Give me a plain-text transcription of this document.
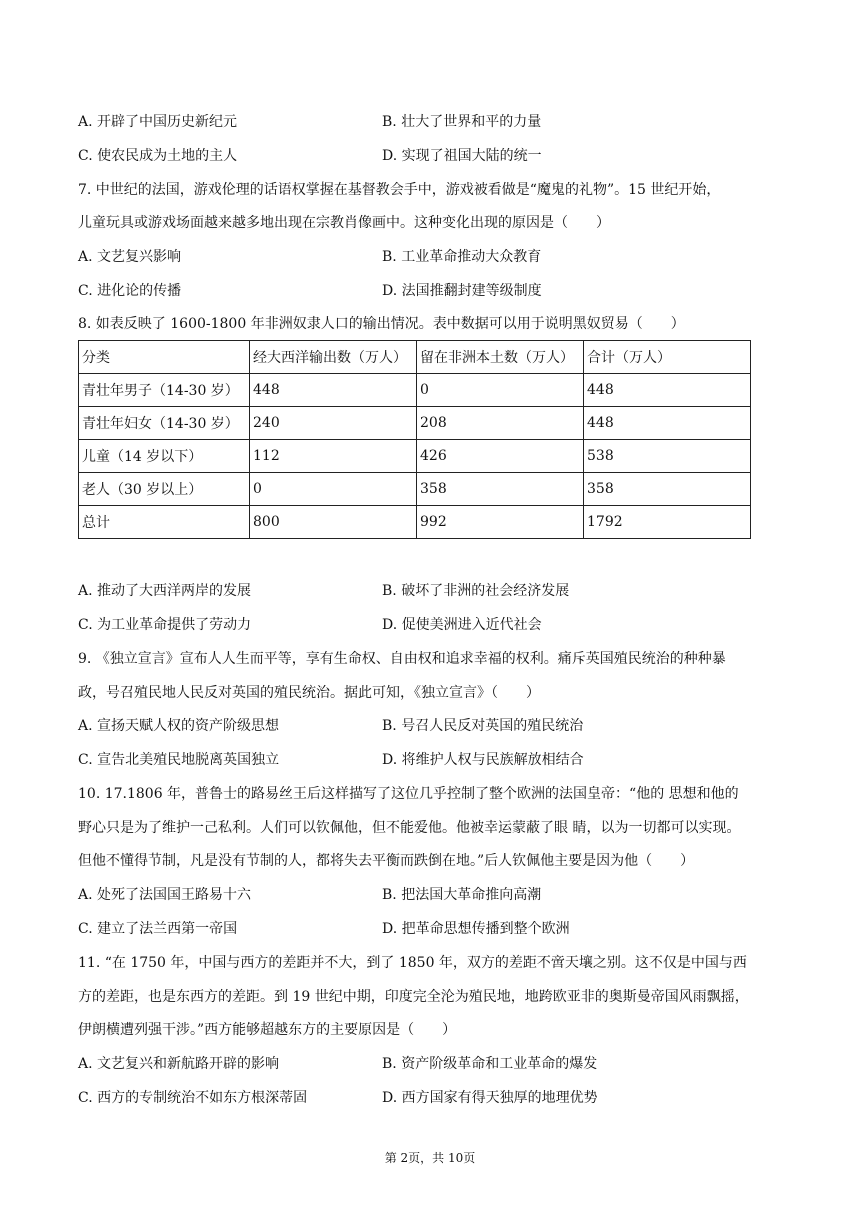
A. 开辟了中国历史新纪元	B. 壮大了世界和平的力量
C. 使农民成为土地的主人	D. 实现了祖国大陆的统一
7. 中世纪的法国，游戏伦理的话语权掌握在基督教会手中，游戏被看做是“魔鬼的礼物”。15 世纪开始，
儿童玩具或游戏场面越来越多地出现在宗教肖像画中。这种变化出现的原因是（　　）
A. 文艺复兴影响	B. 工业革命推动大众教育
C. 进化论的传播	D. 法国推翻封建等级制度
8. 如表反映了 1600-1800 年非洲奴隶人口的输出情况。表中数据可以用于说明黑奴贸易（　　）
分类	经大西洋输出数（万人）	留在非洲本土数（万人）	合计（万人）
青壮年男子（14-30 岁）	448	0	448
青壮年妇女（14-30 岁）	240	208	448
儿童（14 岁以下）	112	426	538
老人（30 岁以上）	0	358	358
总计	800	992	1792
A. 推动了大西洋两岸的发展	B. 破坏了非洲的社会经济发展
C. 为工业革命提供了劳动力	D. 促使美洲进入近代社会
9. 《独立宣言》宣布人人生而平等，享有生命权、自由权和追求幸福的权利。痛斥英国殖民统治的种种暴
政，号召殖民地人民反对英国的殖民统治。据此可知，《独立宣言》（　　）
A. 宣扬天赋人权的资产阶级思想	B. 号召人民反对英国的殖民统治
C. 宣告北美殖民地脱离英国独立	D. 将维护人权与民族解放相结合
10. 17.1806 年，普鲁士的路易丝王后这样描写了这位几乎控制了整个欧洲的法国皇帝：“他的 思想和他的
野心只是为了维护一己私利。人们可以钦佩他，但不能爱他。他被幸运蒙蔽了眼 睛，以为一切都可以实现。
但他不懂得节制，凡是没有节制的人，都将失去平衡而跌倒在地。”后人钦佩他主要是因为他（　　）
A. 处死了法国国王路易十六	B. 把法国大革命推向高潮
C. 建立了法兰西第一帝国	D. 把革命思想传播到整个欧洲
11. “在 1750 年，中国与西方的差距并不大，到了 1850 年，双方的差距不啻天壤之别。这不仅是中国与西
方的差距，也是东西方的差距。到 19 世纪中期，印度完全沦为殖民地，地跨欧亚非的奥斯曼帝国风雨飘摇，
伊朗横遭列强干涉。”西方能够超越东方的主要原因是（　　）
A. 文艺复兴和新航路开辟的影响	B. 资产阶级革命和工业革命的爆发
C. 西方的专制统治不如东方根深蒂固	D. 西方国家有得天独厚的地理优势
第 2页，共 10页
